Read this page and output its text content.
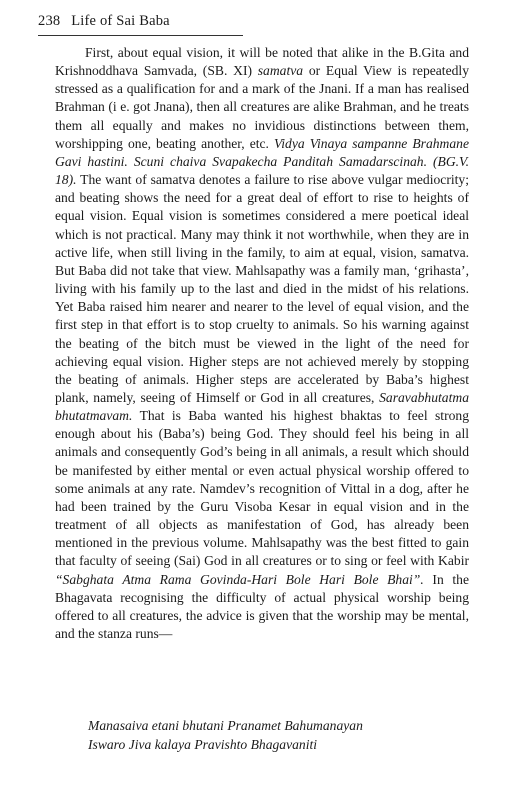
238 Life of Sai Baba

First, about equal vision, it will be noted that alike in the B.Gita and Krishnoddhava Samvada, (SB. XI) samatva or Equal View is repeatedly stressed as a qualification for and a mark of the Jnani. If a man has realised Brahman (i e. got Jnana), then all creatures are alike Brahman, and he treats them all equally and makes no invidious distinctions between them, worshipping one, beating another, etc. Vidya Vinaya sampanne Brahmane Gavi hastini. Scuni chaiva Svapakecha Panditah Samadarscinah. (BG.V. 18). The want of samatva denotes a failure to rise above vulgar mediocrity; and beating shows the need for a great deal of effort to rise to heights of equal vision. Equal vision is sometimes considered a mere poetical ideal which is not practical. Many may think it not worthwhile, when they are in active life, when still living in the family, to aim at equal, vision, samatva. But Baba did not take that view. Mahlsapathy was a family man, ‘grihasta’, living with his family up to the last and died in the midst of his relations. Yet Baba raised him nearer and nearer to the level of equal vision, and the first step in that effort is to stop cruelty to animals. So his warning against the beating of the bitch must be viewed in the light of the need for achieving equal vision. Higher steps are not achieved merely by stopping the beating of animals. Higher steps are accelerated by Baba’s highest plank, namely, seeing of Himself or God in all creatures, Saravabhutatma bhutatmavam. That is Baba wanted his highest bhaktas to feel strong enough about his (Baba’s) being God. They should feel his being in all animals and consequently God’s being in all animals, a result which should be manifested by either mental or even actual physical worship offered to some animals at any rate. Namdev’s recognition of Vittal in a dog, after he had been trained by the Guru Visoba Kesar in equal vision and in the treatment of all objects as manifestation of God, has already been mentioned in the previous volume. Mahlsapathy was the best fitted to gain that faculty of seeing (Sai) God in all creatures or to sing or feel with Kabir “Sabghata Atma Rama Govinda-Hari Bole Hari Bole Bhai”. In the Bhagavata recognising the difficulty of actual physical worship being offered to all creatures, the advice is given that the worship may be mental, and the stanza runs—

Manasaiva etani bhutani Pranamet Bahumanayan
Iswaro Jiva kalaya Pravishto Bhagavaniti
